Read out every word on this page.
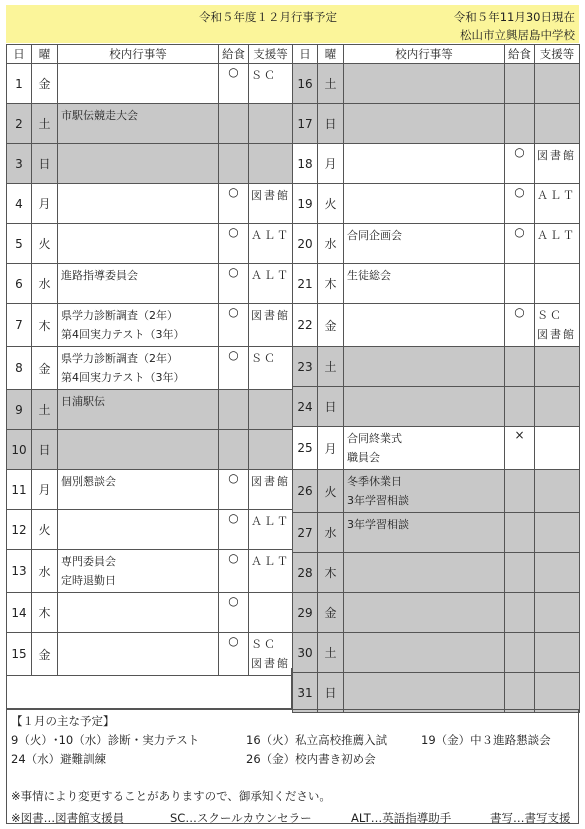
令和５年度１２月行事予定	令和５年11月30日現在
松山市立興居島中学校
日	曜	校内行事等	給食	支援等
1	金		○	ＳＣ

2	土	市駅伝競走大会		

3	日			
4	月		○	図書館

5	火		○	ＡＬＴ

6	水	進路指導委員会	○	ＡＬＴ

7	木	県学力診断調査（2年）
第4回実力テスト（3年）	○	図書館

8	金	県学力診断調査（2年）
第4回実力テスト（3年）	○	ＳＣ

9	土	日浦駅伝		

10	日			
11	月	個別懇談会	○	図書館

12	火		○	ＡＬＴ

13	水	専門委員会
定時退勤日	○	ＡＬＴ

14	木		○	
15	金		○	ＳＣ
図書館
日	曜	校内行事等	給食	支援等
16	土			
17	日			
18	月		○	図書館

19	火		○	ＡＬＴ

20	水	合同企画会	○	ＡＬＴ

21	木	生徒総会		

22	金		○	ＳＣ
図書館

23	土			
24	日			
25	月	合同終業式
職員会	×	
26	火	冬季休業日
3年学習相談		

27	水	3年学習相談		

28	木			
29	金			
30	土			
31	日			
【１月の主な予定】
9（火）･10（水）診断・実力テスト	16（火）私立高校推薦入試	19（金）中３進路懇談会
24（水）避難訓練	26（金）校内書き初め会
※事情により変更することがありますので、御承知ください。
※図書…図書館支援員	SC…スクールカウンセラー	ALT…英語指導助手	書写…書写支援
